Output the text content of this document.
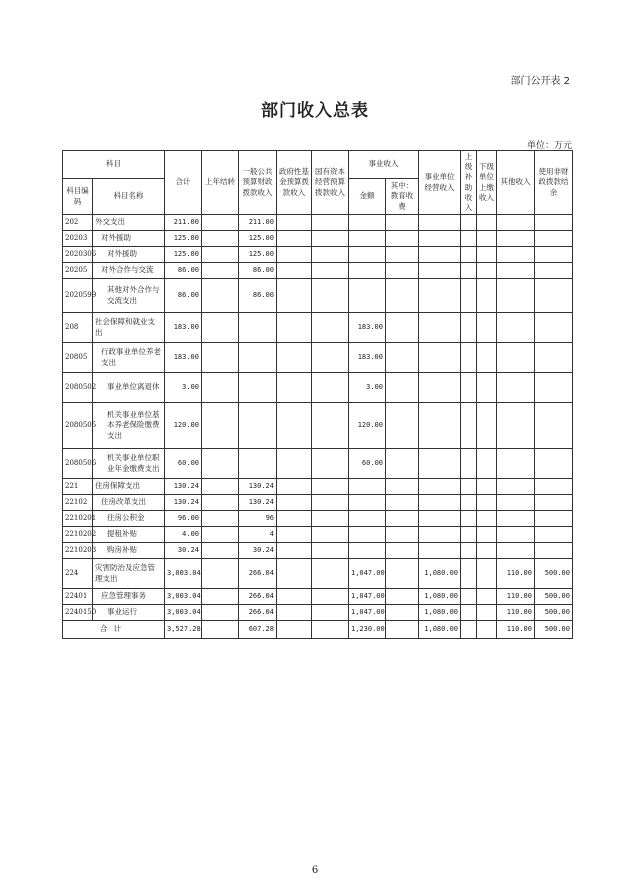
部门公开表 2
部门收入总表
单位：万元
科目		合计	上年结转	一般公共预算财政拨款收入	政府性基金预算拨款收入	国有资本经营预算拨款收入	事业收入		事业单位经营收入	上级补助收入	下级单位上缴收入	其他收入	使用非财政拨款结余
科目编码	科目名称						金额	其中：教育收费					
202	外交支出	211.00		211.00									
20203	对外援助	125.00		125.00									
2020306	对外援助	125.00		125.00									
20205	对外合作与交流	86.00		86.00									
2020599	其他对外合作与交流支出	86.00		86.00									
208	社会保障和就业支出	183.00					183.00						
20805	行政事业单位养老支出	183.00					183.00						
2080502	事业单位离退休	3.00					3.00						
2080505	机关事业单位基本养老保险缴费支出	120.00					120.00						
2080506	机关事业单位职业年金缴费支出	60.00					60.00						
221	住房保障支出	130.24		130.24									
22102	住房改革支出	130.24		130.24									
2210201	住房公积金	96.00		96									
2210202	提租补贴	4.00		4									
2210203	购房补贴	30.24		30.24									
224	灾害防治及应急管理支出	3,003.04		266.04			1,047.00		1,080.00			110.00	500.00
22401	应急管理事务	3,003.04		266.04			1,047.00		1,080.00			110.00	500.00
2240150	事业运行	3,003.04		266.04			1,047.00		1,080.00			110.00	500.00
合计		3,527.28		607.28			1,230.00		1,080.00			110.00	500.00
6
